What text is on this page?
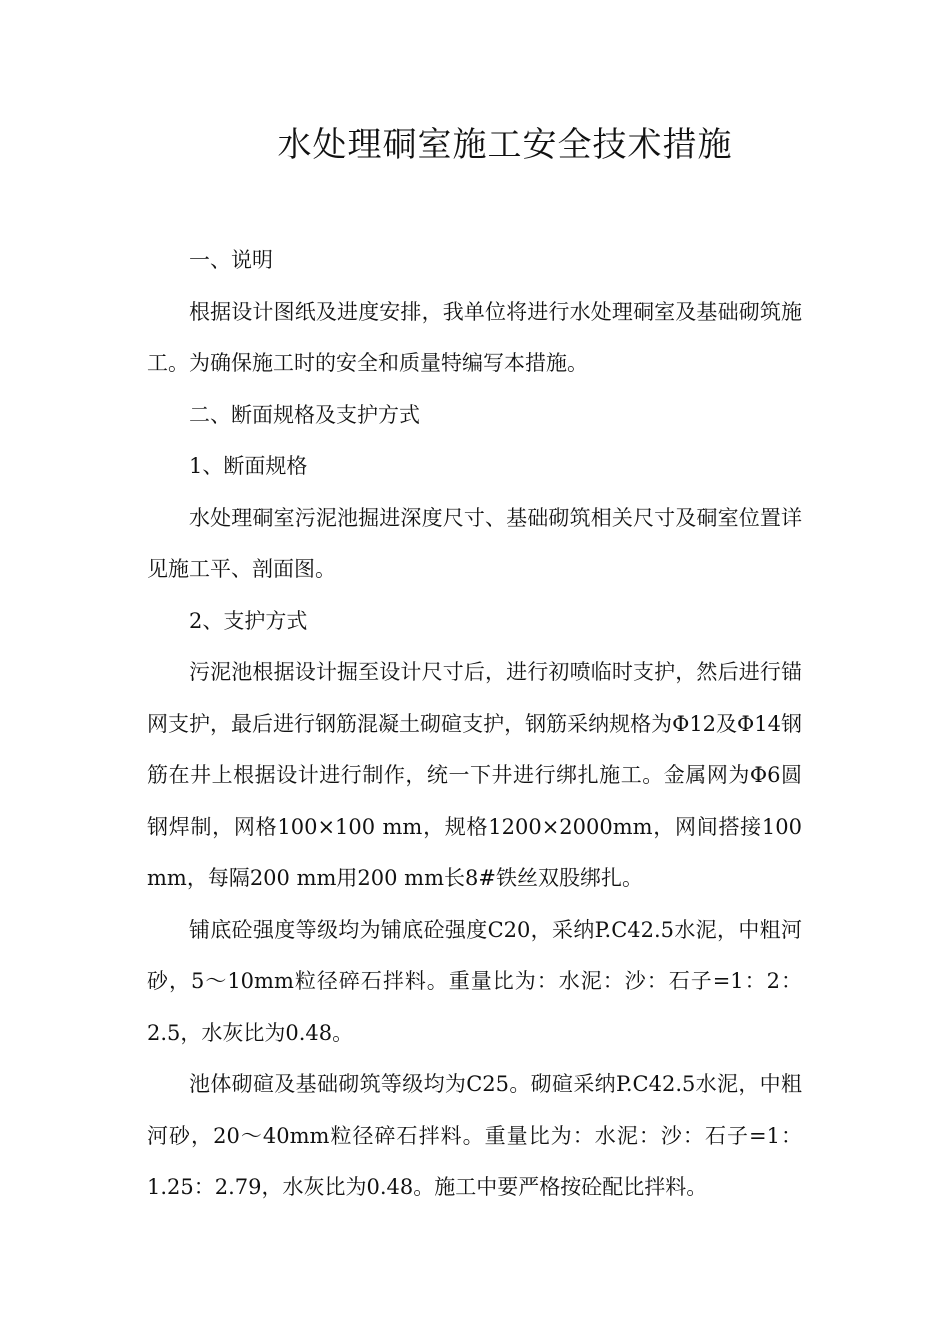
水处理硐室施工安全技术措施

一、说明

根据设计图纸及进度安排，我单位将进行水处理硐室及基础砌筑施工。为确保施工时的安全和质量特编写本措施。

二、断面规格及支护方式

1、断面规格

水处理硐室污泥池掘进深度尺寸、基础砌筑相关尺寸及硐室位置详见施工平、剖面图。

2、支护方式

污泥池根据设计掘至设计尺寸后，进行初喷临时支护，然后进行锚网支护，最后进行钢筋混凝土砌碹支护，钢筋采纳规格为Φ12及Φ14钢筋在井上根据设计进行制作，统一下井进行绑扎施工。金属网为Φ6圆钢焊制，网格100×100 mm，规格1200×2000mm，网间搭接100 mm，每隔200 mm用200 mm长8#铁丝双股绑扎。

铺底砼强度等级均为铺底砼强度C20，采纳P.C42.5水泥，中粗河砂，5～10mm粒径碎石拌料。重量比为：水泥：沙：石子=1：2：2.5，水灰比为0.48。

池体砌碹及基础砌筑等级均为C25。砌碹采纳P.C42.5水泥，中粗河砂，20～40mm粒径碎石拌料。重量比为：水泥：沙：石子=1：1.25：2.79，水灰比为0.48。施工中要严格按砼配比拌料。
